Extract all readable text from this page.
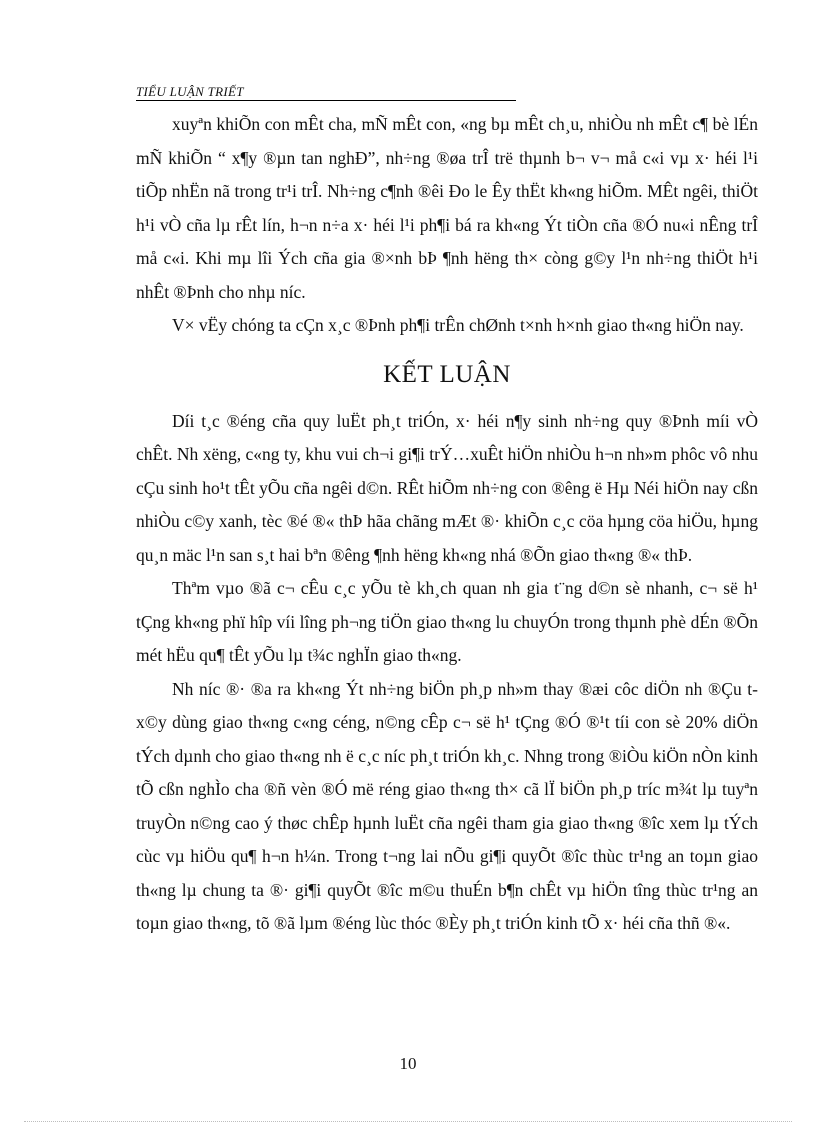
TIỂU LUẬN TRIẾT

xuyªn khiÕn con mÊt cha, mÑ mÊt con, «ng bµ mÊt ch¸u, nhiÒu nh mÊt c¶ bè lÉn mÑ khiÕn “ x¶y ®µn tan nghÐ”, nh÷ng ®øa trÎ trë thµnh b¬ v¬ må c«i vµ x· héi l¹i tiÕp nhËn nã trong tr¹i trÎ. Nh÷ng c¶nh ®êi Ðo le Êy thËt kh«ng hiÕm. MÊt ngêi, thiÖt h¹i vÒ cña lµ rÊt lín, h¬n n÷a x· héi l¹i ph¶i bá ra kh«ng Ýt tiÒn cña ®Ó nu«i nÊng trÎ må c«i. Khi mµ lîi Ých cña gia ®×nh bÞ ¶nh hëng th× còng g©y l¹n nh÷ng thiÖt h¹i nhÊt ®Þnh cho nhµ níc.

V× vËy chóng ta cÇn x¸c ®Þnh ph¶i trÊn chØnh t×nh h×nh giao th«ng hiÖn nay.

KẾT LUẬN

Díi t¸c ®éng cña quy luËt ph¸t triÓn, x· héi n¶y sinh nh÷ng quy ®Þnh míi vÒ chÊt. Nh xëng, c«ng ty, khu vui ch¬i gi¶i trÝ…xuÊt hiÖn nhiÒu h¬n nh»m phôc vô nhu cÇu sinh ho¹t tÊt yÕu cña ngêi d©n. RÊt hiÕm nh÷ng con ®êng ë Hµ Néi hiÖn nay cßn nhiÒu c©y xanh, tèc ®é ®« thÞ hãa chãng mÆt ®· khiÕn c¸c cöa hµng cöa hiÖu, hµng qu¸n mäc l¹n san s¸t hai bªn ®êng ¶nh hëng kh«ng nhá ®Õn giao th«ng ®« thÞ.

Thªm vµo ®ã c¬ cÊu c¸c yÕu tè kh¸ch quan nh gia t¨ng d©n sè nhanh, c¬ së h¹ tÇng kh«ng phï hîp víi lîng ph¬ng tiÖn giao th«ng lu chuyÓn trong thµnh phè dÉn ®Õn mét hËu qu¶ tÊt yÕu lµ t¾c nghÏn giao th«ng.

Nh níc ®· ®a ra kh«ng Ýt nh÷ng biÖn ph¸p nh»m thay ®æi côc diÖn nh ®Çu t x©y dùng giao th«ng c«ng céng, n©ng cÊp c¬ së h¹ tÇng ®Ó ®¹t tíi con sè 20% diÖn tÝch dµnh cho giao th«ng nh ë c¸c níc ph¸t triÓn kh¸c. Nhng trong ®iÒu kiÖn nÒn kinh tÕ cßn nghÌo cha ®ñ vèn ®Ó më réng giao th«ng th× cã lÏ biÖn ph¸p tríc m¾t lµ tuyªn truyÒn n©ng cao ý thøc chÊp hµnh luËt cña ngêi tham gia giao th«ng ®îc xem lµ tÝch cùc vµ hiÖu qu¶ h¬n h¼n. Trong t¬ng lai nÕu gi¶i quyÕt ®îc thùc tr¹ng an toµn giao th«ng lµ chung ta ®· gi¶i quyÕt ®îc m©u thuÉn b¶n chÊt vµ hiÖn tîng thùc tr¹ng an toµn giao th«ng, tõ ®ã lµm ®éng lùc thóc ®Èy ph¸t triÓn kinh tÕ x· héi cña thñ ®«.

10
